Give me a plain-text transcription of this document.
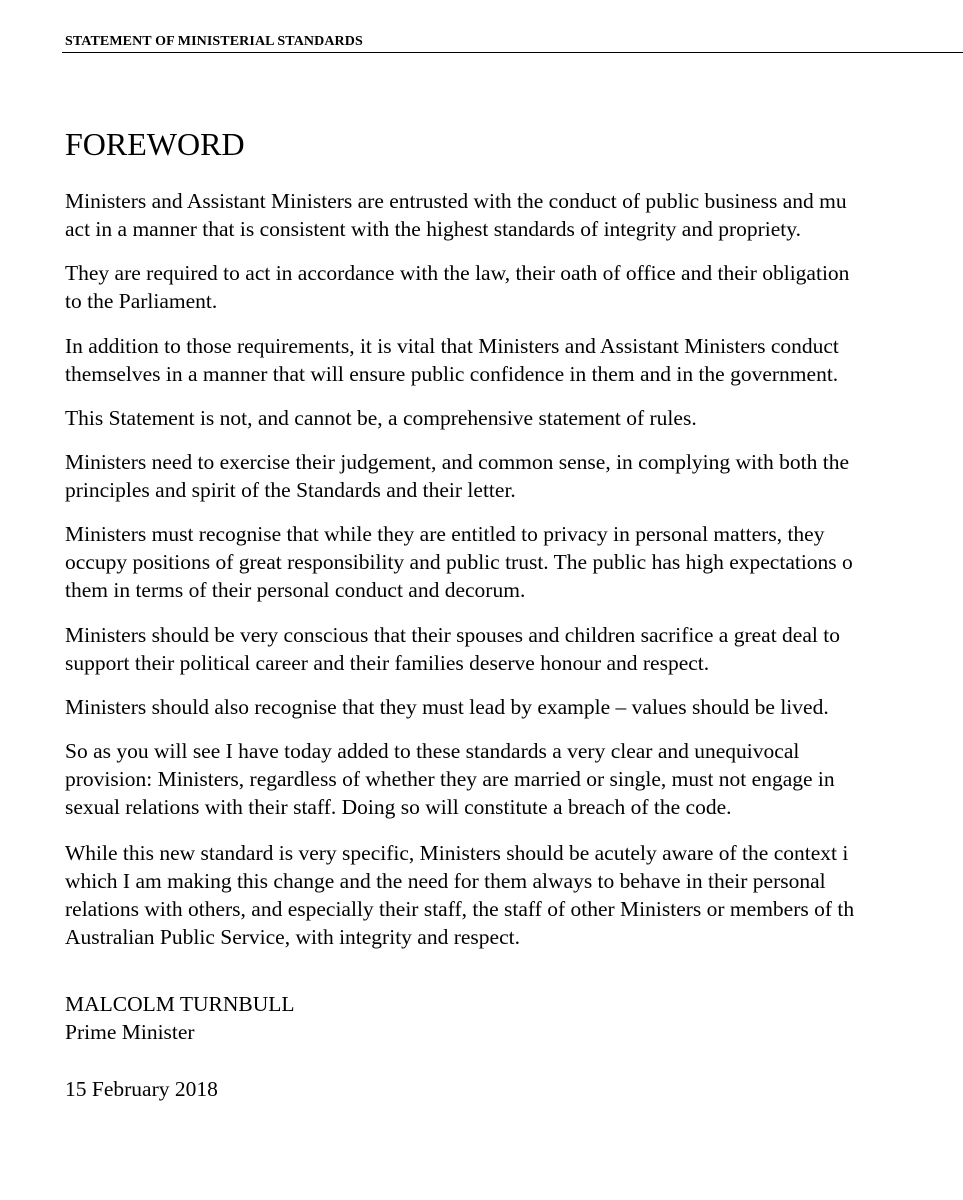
STATEMENT OF MINISTERIAL STANDARDS
FOREWORD
Ministers and Assistant Ministers are entrusted with the conduct of public business and mu
act in a manner that is consistent with the highest standards of integrity and propriety.
They are required to act in accordance with the law, their oath of office and their obligation
to the Parliament.
In addition to those requirements, it is vital that Ministers and Assistant Ministers conduct
themselves in a manner that will ensure public confidence in them and in the government.
This Statement is not, and cannot be, a comprehensive statement of rules.
Ministers need to exercise their judgement, and common sense, in complying with both the
principles and spirit of the Standards and their letter.
Ministers must recognise that while they are entitled to privacy in personal matters, they
occupy positions of great responsibility and public trust. The public has high expectations o
them in terms of their personal conduct and decorum.
Ministers should be very conscious that their spouses and children sacrifice a great deal to
support their political career and their families deserve honour and respect.
Ministers should also recognise that they must lead by example – values should be lived.
So as you will see I have today added to these standards a very clear and unequivocal
provision: Ministers, regardless of whether they are married or single, must not engage in
sexual relations with their staff. Doing so will constitute a breach of the code.
While this new standard is very specific, Ministers should be acutely aware of the context i
which I am making this change and the need for them always to behave in their personal
relations with others, and especially their staff, the staff of other Ministers or members of th
Australian Public Service, with integrity and respect.
MALCOLM TURNBULL
Prime Minister
15 February 2018
